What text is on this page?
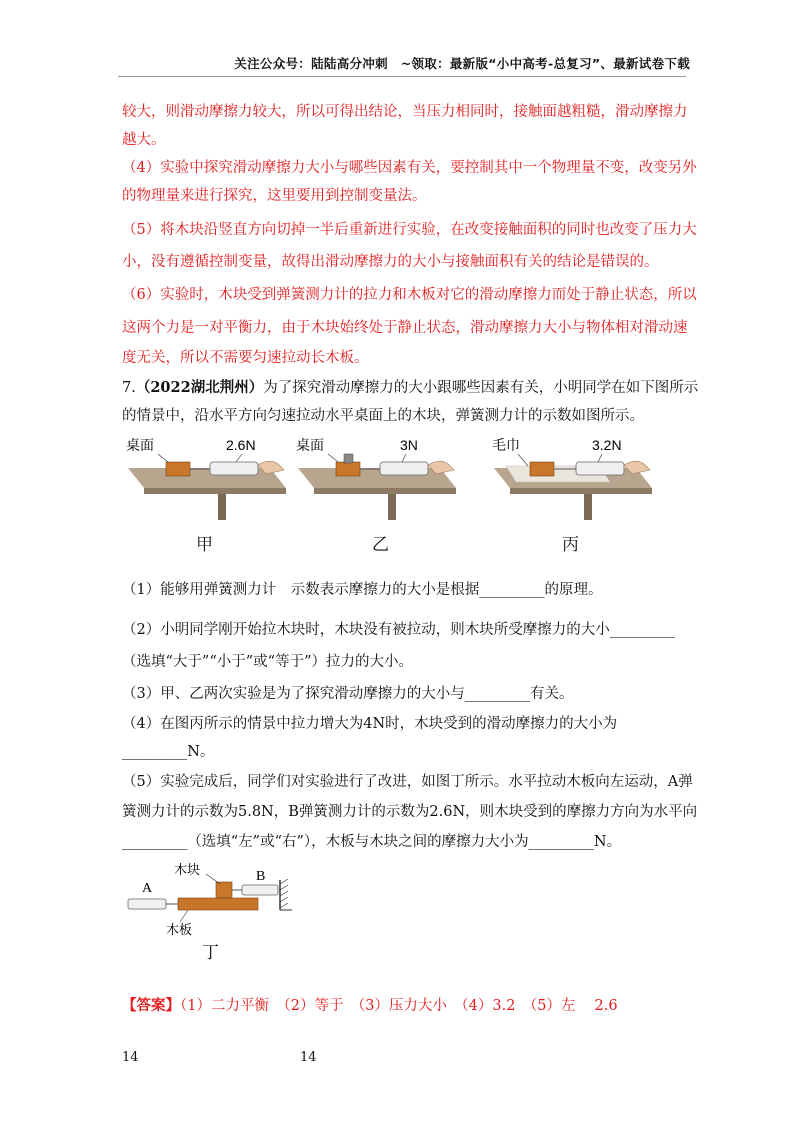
关注公众号：陆陆高分冲刺　~领取：最新版“小中高考-总复习”、最新试卷下载
较大，则滑动摩擦力较大，所以可得出结论，当压力相同时，接触面越粗糙，滑动摩擦力
越大。
（4）实验中探究滑动摩擦力大小与哪些因素有关，要控制其中一个物理量不变，改变另外
的物理量来进行探究，这里要用到控制变量法。
（5）将木块沿竖直方向切掉一半后重新进行实验，在改变接触面积的同时也改变了压力大
小，没有遵循控制变量，故得出滑动摩擦力的大小与接触面积有关的结论是错误的。
（6）实验时，木块受到弹簧测力计的拉力和木板对它的滑动摩擦力而处于静止状态，所以
这两个力是一对平衡力，由于木块始终处于静止状态，滑动摩擦力大小与物体相对滑动速
度无关，所以不需要匀速拉动长木板。
7.（2022湖北荆州）为了探究滑动摩擦力的大小跟哪些因素有关，小明同学在如下图所示
的情景中，沿水平方向匀速拉动水平桌面上的木块，弹簧测力计的示数如图所示。
桌面	2.6N	桌面	3N	毛巾	3.2N
甲	乙	丙
（1）能够用弹簧测力计　示数表示摩擦力的大小是根据_________的原理。
（2）小明同学刚开始拉木块时，木块没有被拉动，则木块所受摩擦力的大小_________
（选填“大于”“小于”或“等于”）拉力的大小。
（3）甲、乙两次实验是为了探究滑动摩擦力的大小与_________有关。
（4）在图丙所示的情景中拉力增大为4N时，木块受到的滑动摩擦力的大小为
_________N。
（5）实验完成后，同学们对实验进行了改进，如图丁所示。水平拉动木板向左运动，A弹
簧测力计的示数为5.8N，B弹簧测力计的示数为2.6N，则木块受到的摩擦力方向为水平向
_________（选填“左”或“右”），木板与木块之间的摩擦力大小为_________N。
木块	B
A
木板
丁
【答案】（1）二力平衡　（2）等于　（3）压力大小　（4）3.2　（5）左　 2.6
14	14
